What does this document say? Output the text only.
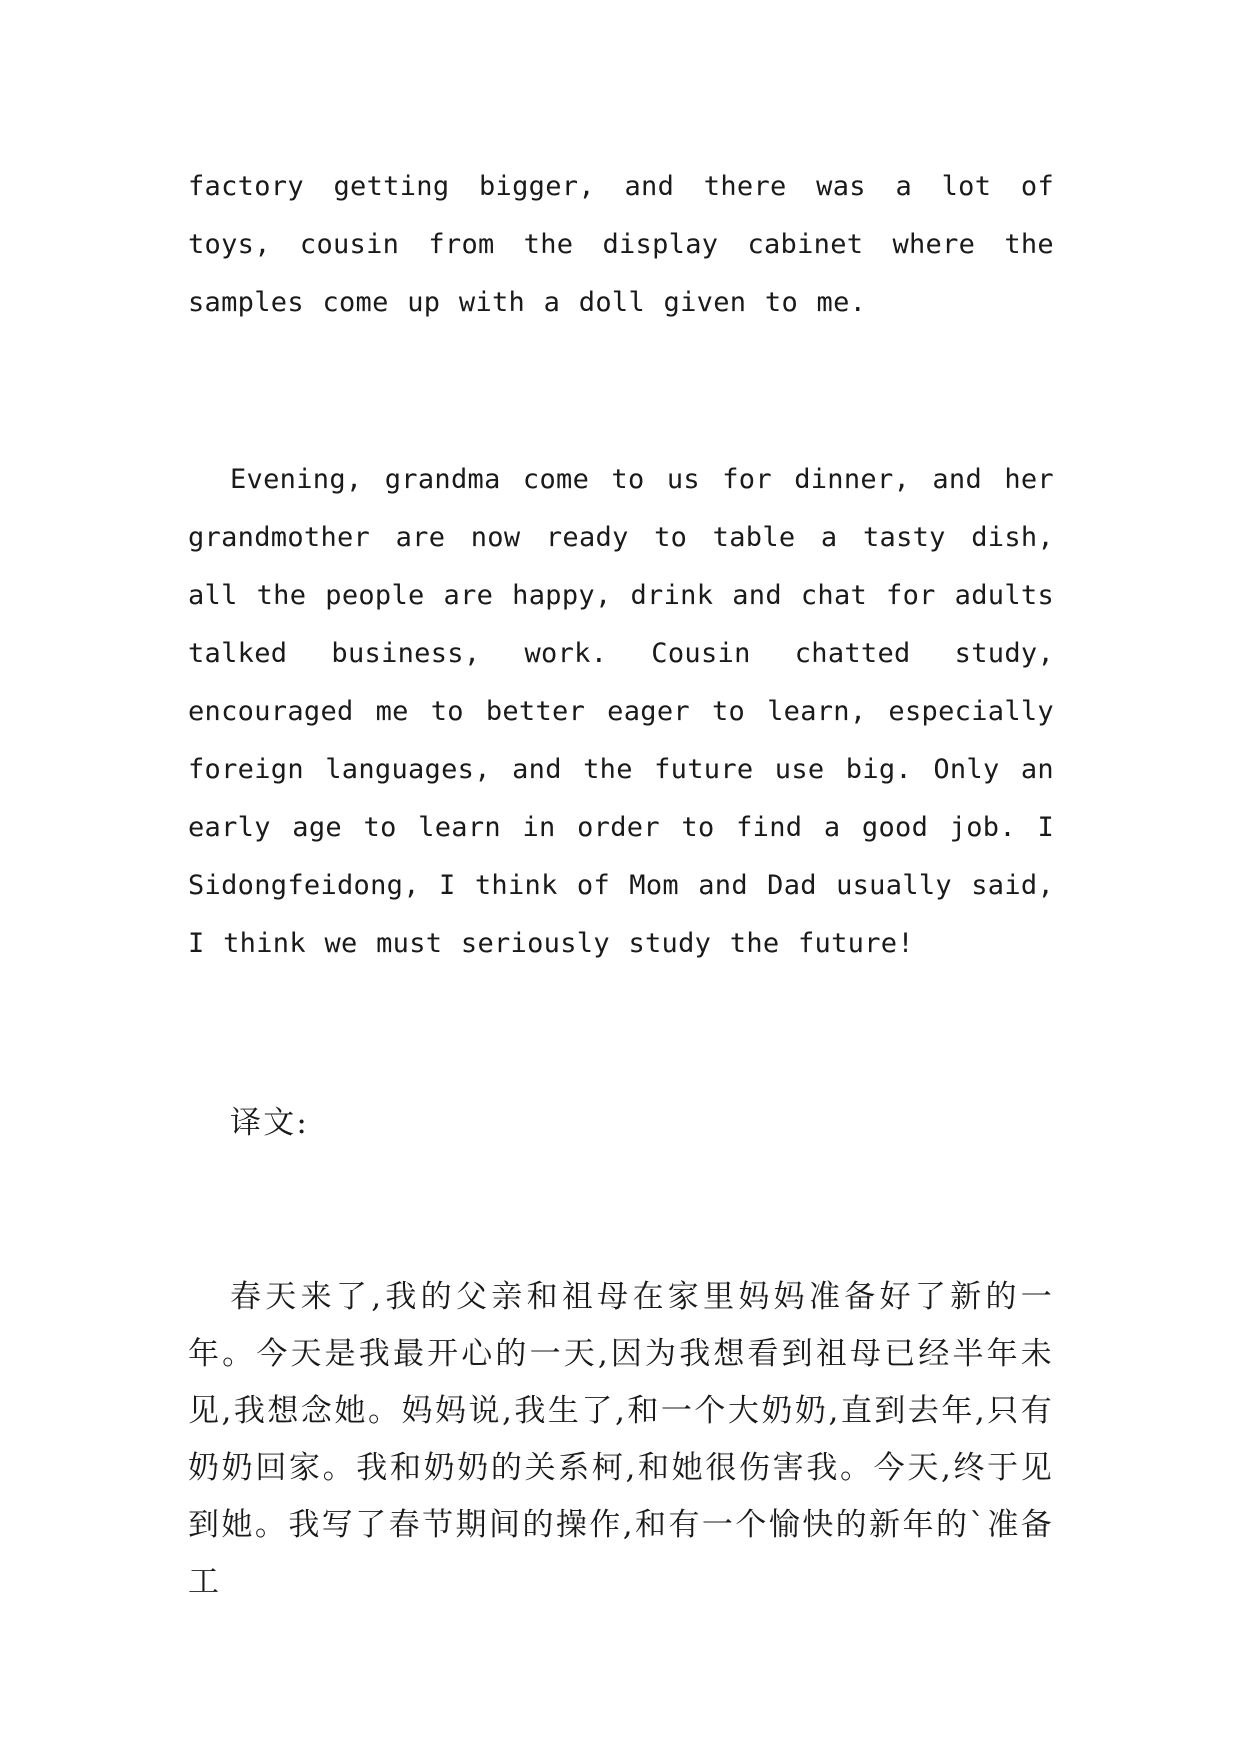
factory getting bigger, and there was a lot of toys, cousin from the display cabinet where the samples come up with a doll given to me.

Evening, grandma come to us for dinner, and her grandmother are now ready to table a tasty dish, all the people are happy, drink and chat for adults talked business, work. Cousin chatted study, encouraged me to better eager to learn, especially foreign languages, and the future use big. Only an early age to learn in order to find a good job. I Sidongfeidong, I think of Mom and Dad usually said, I think we must seriously study the future!

译文:

春天来了,我的父亲和祖母在家里妈妈准备好了新的一年。今天是我最开心的一天,因为我想看到祖母已经半年未见,我想念她。妈妈说,我生了,和一个大奶奶,直到去年,只有奶奶回家。我和奶奶的关系柯,和她很伤害我。今天,终于见到她。我写了春节期间的操作,和有一个愉快的新年的`准备工
